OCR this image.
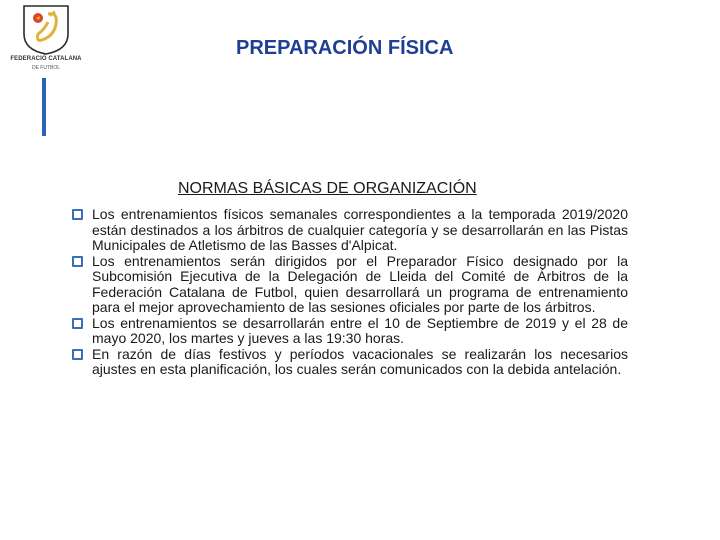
FEDERACIÓ CATALANA
DE FUTBOL
PREPARACIÓN FÍSICA
NORMAS BÁSICAS DE ORGANIZACIÓN
Los entrenamientos físicos semanales correspondientes a la temporada 2019/2020 están destinados a los árbitros de cualquier categoría y se desarrollarán en las Pistas Municipales de Atletismo de las Basses d'Alpicat.
Los entrenamientos serán dirigidos por el Preparador Físico designado por la Subcomisión Ejecutiva de la Delegación de Lleida del Comité de Árbitros de la Federación Catalana de Futbol, quien desarrollará un programa de entrenamiento para el mejor aprovechamiento de las sesiones oficiales por parte de los árbitros.
Los entrenamientos se desarrollarán entre el 10 de Septiembre de 2019 y el 28 de mayo 2020, los martes y jueves a las 19:30 horas.
En razón de días festivos y períodos vacacionales se realizarán los necesarios ajustes en esta planificación, los cuales serán comunicados con la debida antelación.
